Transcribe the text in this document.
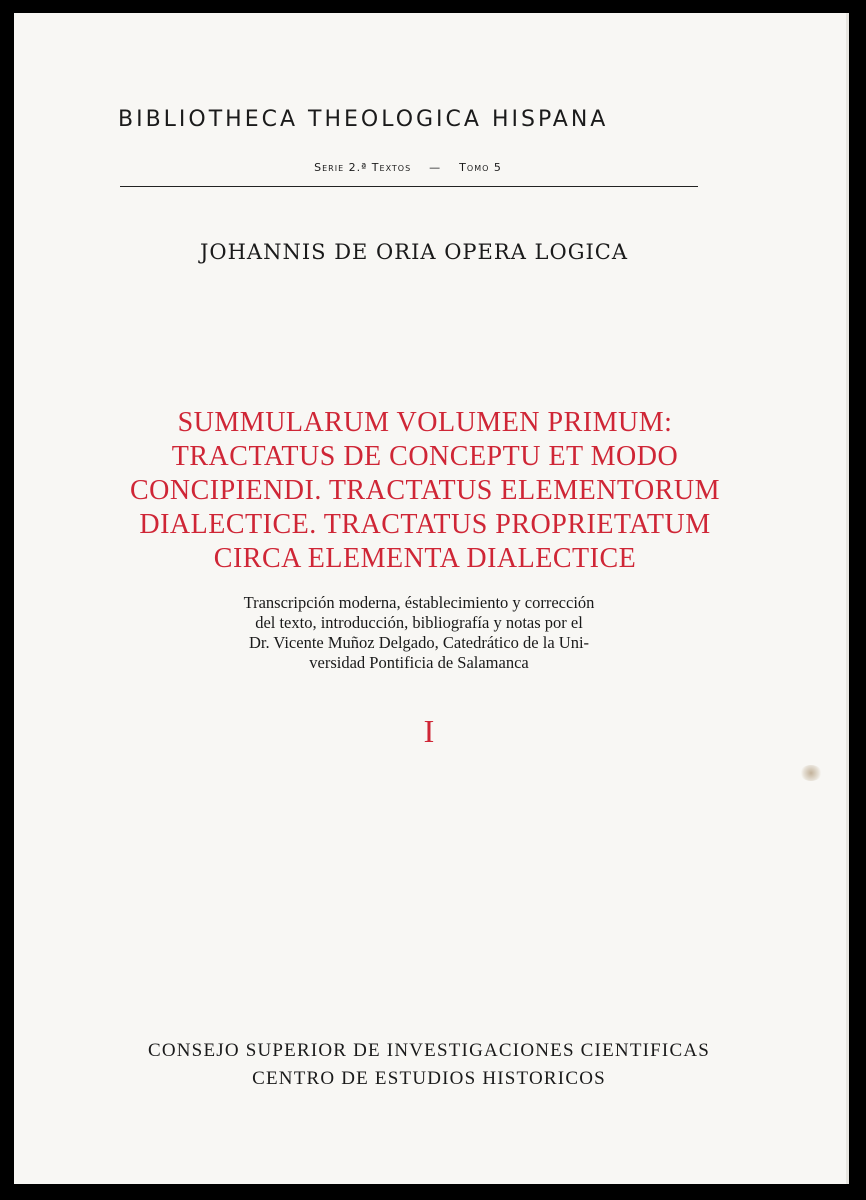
BIBLIOTHECA THEOLOGICA HISPANA
Serie 2.ª Textos — Tomo 5
JOHANNIS DE ORIA OPERA LOGICA
SUMMULARUM VOLUMEN PRIMUM:
TRACTATUS DE CONCEPTU ET MODO
CONCIPIENDI. TRACTATUS ELEMENTORUM
DIALECTICE. TRACTATUS PROPRIETATUM
CIRCA ELEMENTA DIALECTICE
Transcripción moderna, éstablecimiento y corrección
del texto, introducción, bibliografía y notas por el
Dr. Vicente Muñoz Delgado, Catedrático de la Uni-
versidad Pontificia de Salamanca
I
CONSEJO SUPERIOR DE INVESTIGACIONES CIENTIFICAS
CENTRO DE ESTUDIOS HISTORICOS
